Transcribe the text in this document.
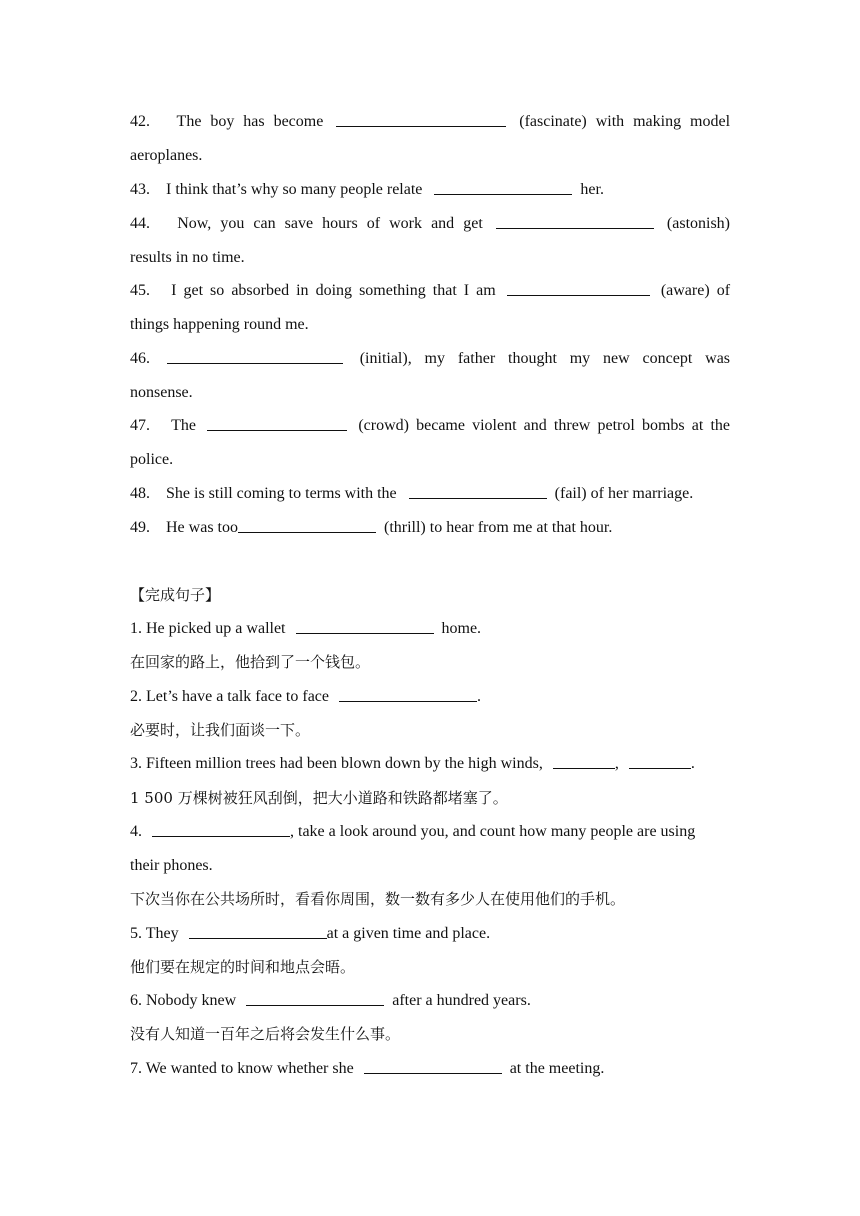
42. The boy has become	(fascinate) with making model
aeroplanes.
43. I think that’s why so many people relate	her.
44. Now, you can save hours of work and get	(astonish)
results in no time.
45. I get so absorbed in doing something that I am	(aware) of
things happening round me.
46.	(initial), my father thought my new concept was
nonsense.
47. The	(crowd) became violent and threw petrol bombs at the
police.
48. She is still coming to terms with the	(fail) of her marriage.
49. He was too	(thrill) to hear from me at that hour.
【完成句子】
1. He picked up a wallet	home.
在回家的路上，他拾到了一个钱包。
2. Let’s have a talk face to face	.
必要时，让我们面谈一下。
3. Fifteen million trees had been blown down by the high winds,	,	.
1 500 万棵树被狂风刮倒，把大小道路和铁路都堵塞了。
4.	, take a look around you, and count how many people are using
their phones.
下次当你在公共场所时，看看你周围，数一数有多少人在使用他们的手机。
5. They	at a given time and place.
他们要在规定的时间和地点会晤。
6. Nobody knew	after a hundred years.
没有人知道一百年之后将会发生什么事。
7. We wanted to know whether she	at the meeting.
